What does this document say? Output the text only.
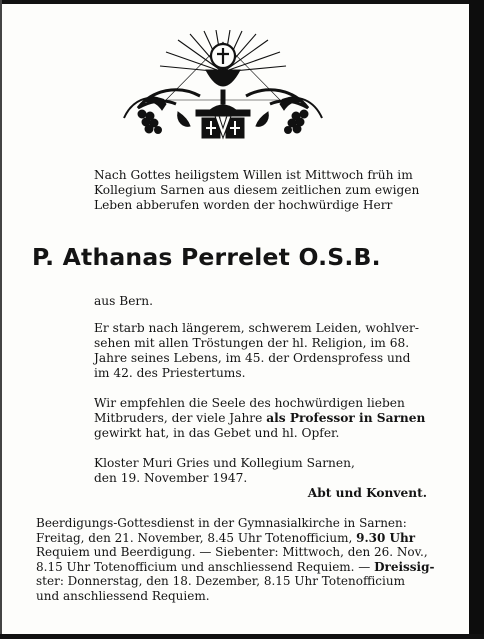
Nach Gottes heiligstem Willen ist Mittwoch früh im
Kollegium Sarnen aus diesem zeitlichen zum ewigen
Leben abberufen worden der hochwürdige Herr
P. Athanas Perrelet O.S.B.

aus Bern.

Er starb nach längerem, schwerem Leiden, wohlver-
sehen mit allen Tröstungen der hl. Religion, im 68.
Jahre seines Lebens, im 45. der Ordensprofess und
im 42. des Priestertums.
Wir empfehlen die Seele des hochwürdigen lieben
Mitbruders, der viele Jahre als Professor in Sarnen
gewirkt hat, in das Gebet und hl. Opfer.
Kloster Muri Gries und Kollegium Sarnen,
den 19. November 1947.

Abt und Konvent.

Beerdigungs-Gottesdienst in der Gymnasialkirche in Sarnen:
Freitag, den 21. November, 8.45 Uhr Totenofficium, 9.30 Uhr
Requiem und Beerdigung. — Siebenter: Mittwoch, den 26. Nov.,
8.15 Uhr Totenofficium und anschliessend Requiem. — Dreissig-
ster: Donnerstag, den 18. Dezember, 8.15 Uhr Totenofficium
und anschliessend Requiem.
